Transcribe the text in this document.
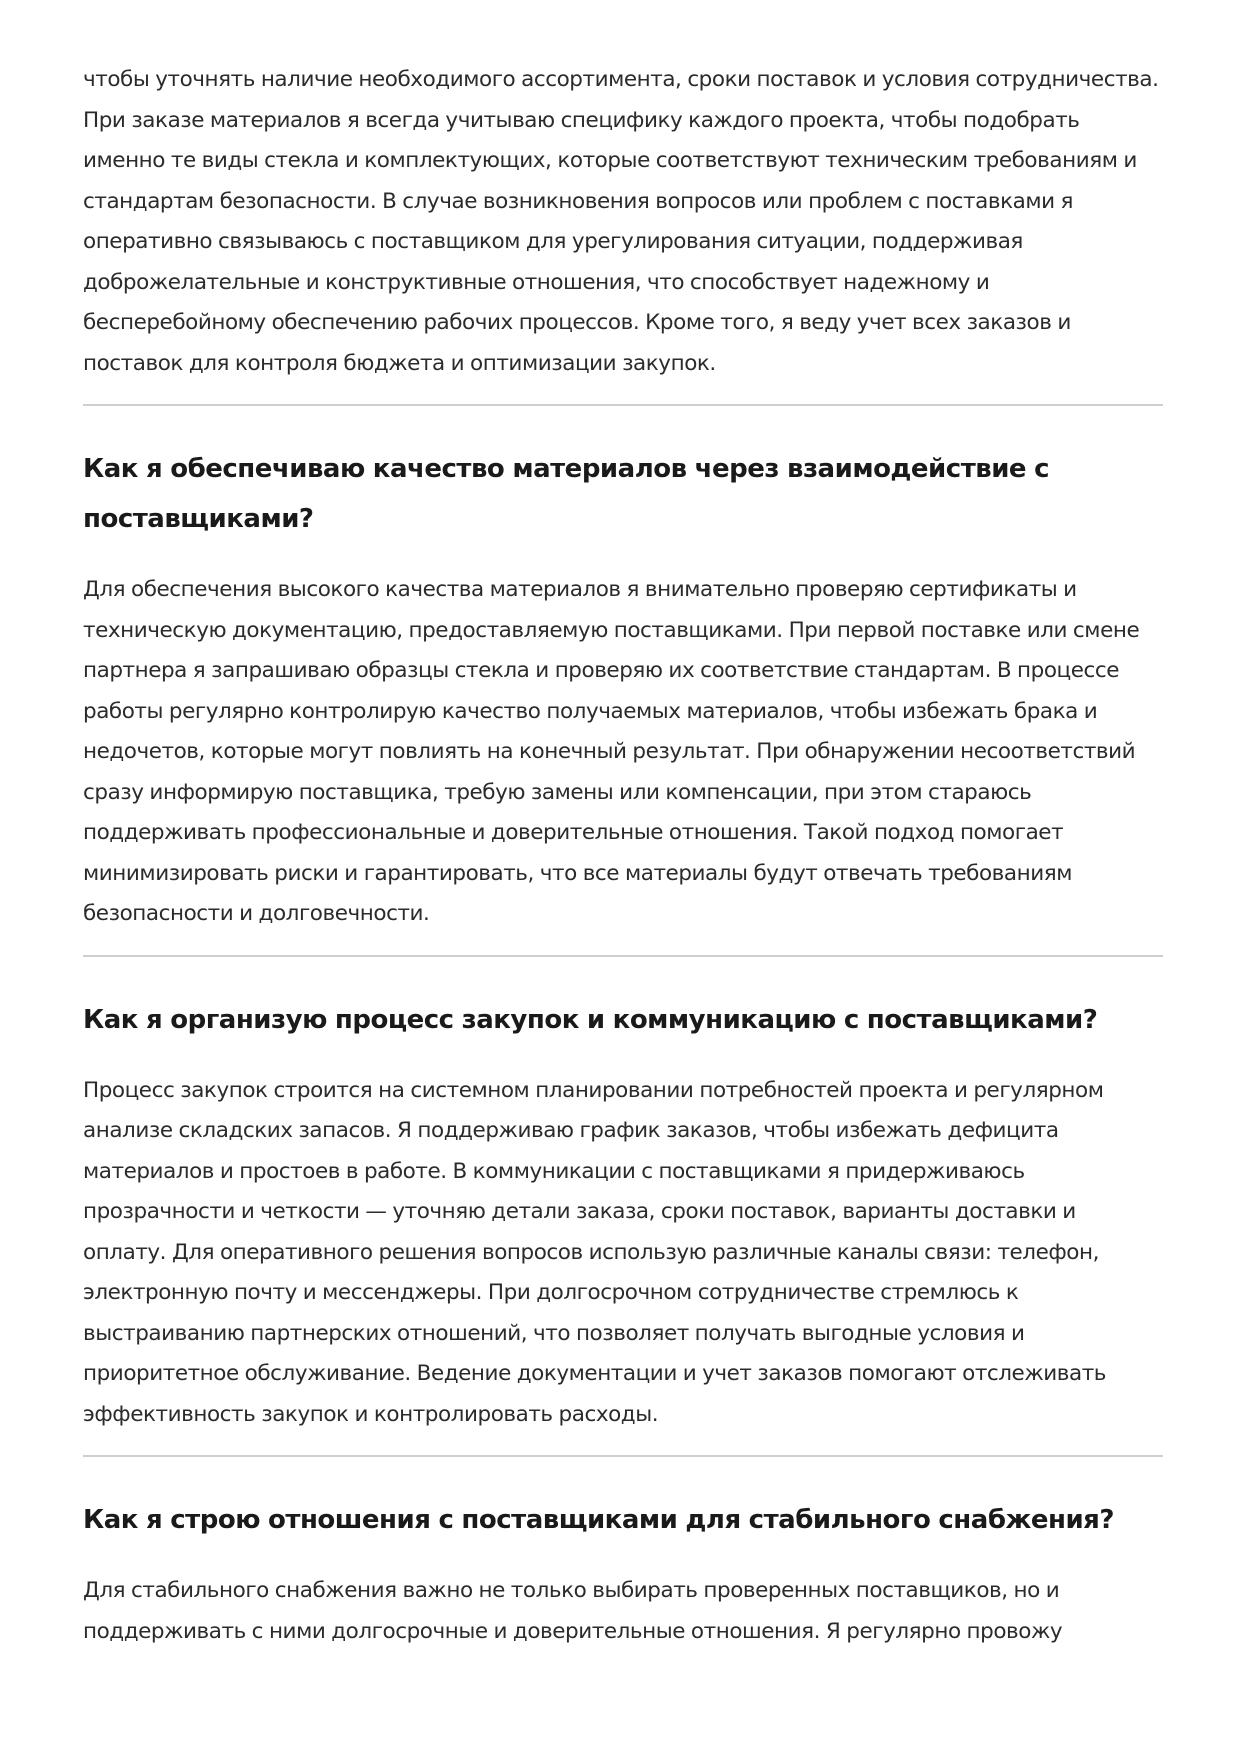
чтобы уточнять наличие необходимого ассортимента, сроки поставок и условия сотрудничества. При заказе материалов я всегда учитываю специфику каждого проекта, чтобы подобрать именно те виды стекла и комплектующих, которые соответствуют техническим требованиям и стандартам безопасности. В случае возникновения вопросов или проблем с поставками я оперативно связываюсь с поставщиком для урегулирования ситуации, поддерживая доброжелательные и конструктивные отношения, что способствует надежному и бесперебойному обеспечению рабочих процессов. Кроме того, я веду учет всех заказов и поставок для контроля бюджета и оптимизации закупок.

Как я обеспечиваю качество материалов через взаимодействие с поставщиками?

Для обеспечения высокого качества материалов я внимательно проверяю сертификаты и техническую документацию, предоставляемую поставщиками. При первой поставке или смене партнера я запрашиваю образцы стекла и проверяю их соответствие стандартам. В процессе работы регулярно контролирую качество получаемых материалов, чтобы избежать брака и недочетов, которые могут повлиять на конечный результат. При обнаружении несоответствий сразу информирую поставщика, требую замены или компенсации, при этом стараюсь поддерживать профессиональные и доверительные отношения. Такой подход помогает минимизировать риски и гарантировать, что все материалы будут отвечать требованиям безопасности и долговечности.

Как я организую процесс закупок и коммуникацию с поставщиками?

Процесс закупок строится на системном планировании потребностей проекта и регулярном анализе складских запасов. Я поддерживаю график заказов, чтобы избежать дефицита материалов и простоев в работе. В коммуникации с поставщиками я придерживаюсь прозрачности и четкости — уточняю детали заказа, сроки поставок, варианты доставки и оплату. Для оперативного решения вопросов использую различные каналы связи: телефон, электронную почту и мессенджеры. При долгосрочном сотрудничестве стремлюсь к выстраиванию партнерских отношений, что позволяет получать выгодные условия и приоритетное обслуживание. Ведение документации и учет заказов помогают отслеживать эффективность закупок и контролировать расходы.

Как я строю отношения с поставщиками для стабильного снабжения?

Для стабильного снабжения важно не только выбирать проверенных поставщиков, но и поддерживать с ними долгосрочные и доверительные отношения. Я регулярно провожу
